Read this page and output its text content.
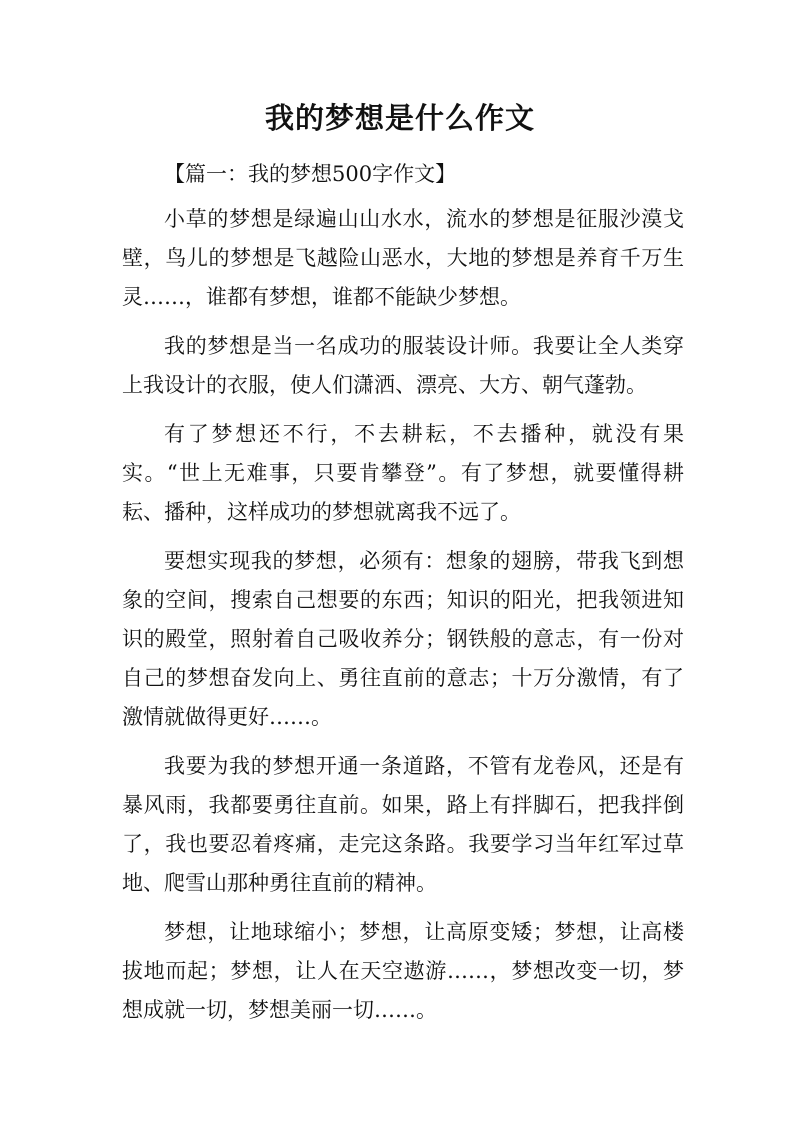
我的梦想是什么作文

【篇一：我的梦想500字作文】

小草的梦想是绿遍山山水水，流水的梦想是征服沙漠戈壁，鸟儿的梦想是飞越险山恶水，大地的梦想是养育千万生灵……，谁都有梦想，谁都不能缺少梦想。

我的梦想是当一名成功的服装设计师。我要让全人类穿上我设计的衣服，使人们潇洒、漂亮、大方、朝气蓬勃。

有了梦想还不行，不去耕耘，不去播种，就没有果实。“世上无难事，只要肯攀登”。有了梦想，就要懂得耕耘、播种，这样成功的梦想就离我不远了。

要想实现我的梦想，必须有：想象的翅膀，带我飞到想象的空间，搜索自己想要的东西；知识的阳光，把我领进知识的殿堂，照射着自己吸收养分；钢铁般的意志，有一份对自己的梦想奋发向上、勇往直前的意志；十万分激情，有了激情就做得更好……。

我要为我的梦想开通一条道路，不管有龙卷风，还是有暴风雨，我都要勇往直前。如果，路上有拌脚石，把我拌倒了，我也要忍着疼痛，走完这条路。我要学习当年红军过草地、爬雪山那种勇往直前的精神。

梦想，让地球缩小；梦想，让高原变矮；梦想，让高楼拔地而起；梦想，让人在天空遨游……，梦想改变一切，梦想成就一切，梦想美丽一切……。
